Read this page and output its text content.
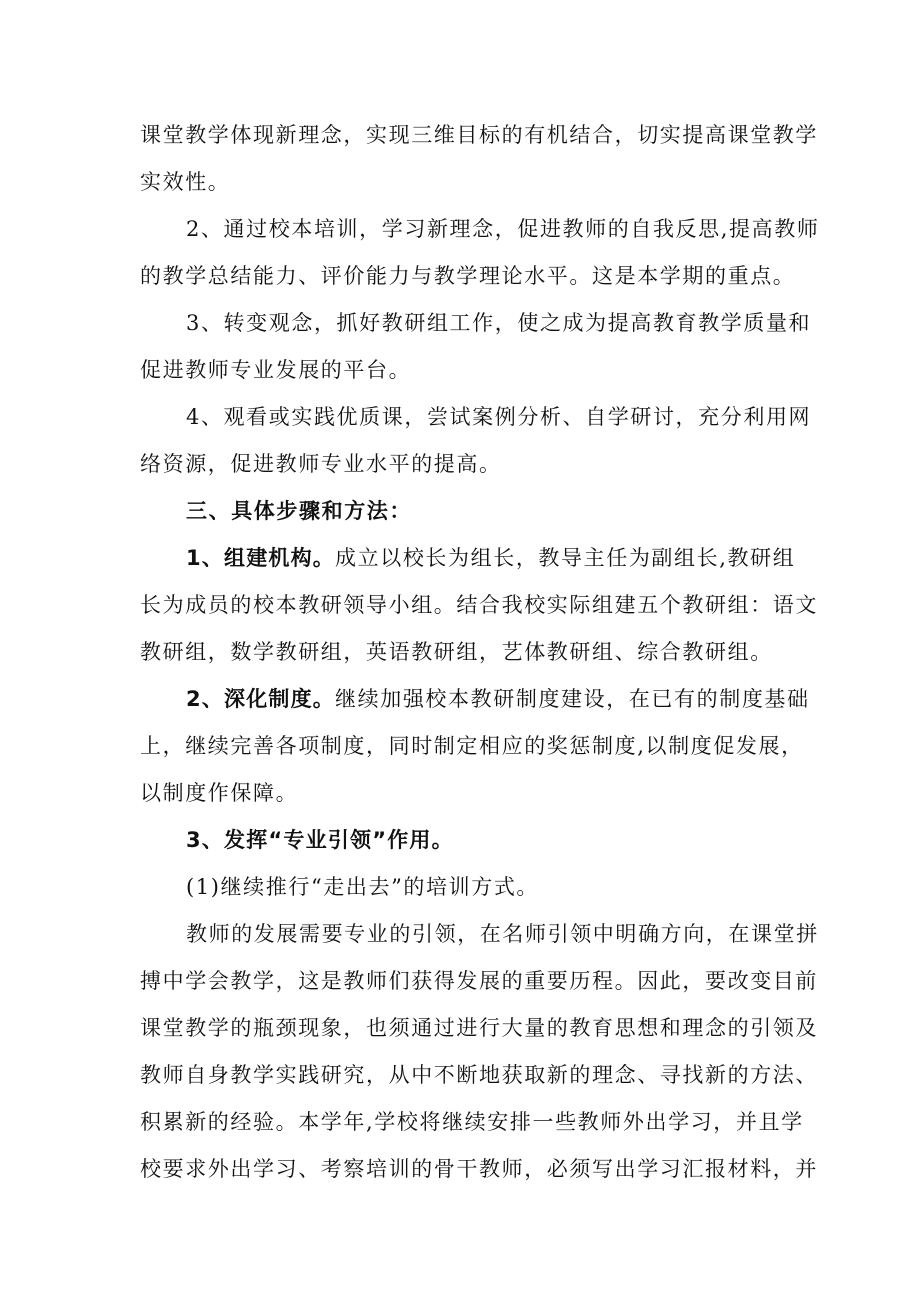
课堂教学体现新理念，实现三维目标的有机结合，切实提高课堂教学
实效性。
2、通过校本培训，学习新理念，促进教师的自我反思,提高教师
的教学总结能力、评价能力与教学理论水平。这是本学期的重点。
3、转变观念，抓好教研组工作，使之成为提高教育教学质量和
促进教师专业发展的平台。
4、观看或实践优质课，尝试案例分析、自学研讨，充分利用网
络资源，促进教师专业水平的提高。
三、具体步骤和方法：
1、组建机构。成立以校长为组长，教导主任为副组长,教研组
长为成员的校本教研领导小组。结合我校实际组建五个教研组：语文
教研组，数学教研组，英语教研组，艺体教研组、综合教研组。
2、深化制度。继续加强校本教研制度建设，在已有的制度基础
上，继续完善各项制度，同时制定相应的奖惩制度,以制度促发展，
以制度作保障。
3、发挥“专业引领”作用。
(1)继续推行“走出去”的培训方式。
教师的发展需要专业的引领，在名师引领中明确方向，在课堂拼
搏中学会教学，这是教师们获得发展的重要历程。因此，要改变目前
课堂教学的瓶颈现象，也须通过进行大量的教育思想和理念的引领及
教师自身教学实践研究，从中不断地获取新的理念、寻找新的方法、
积累新的经验。本学年,学校将继续安排一些教师外出学习，并且学
校要求外出学习、考察培训的骨干教师，必须写出学习汇报材料，并
